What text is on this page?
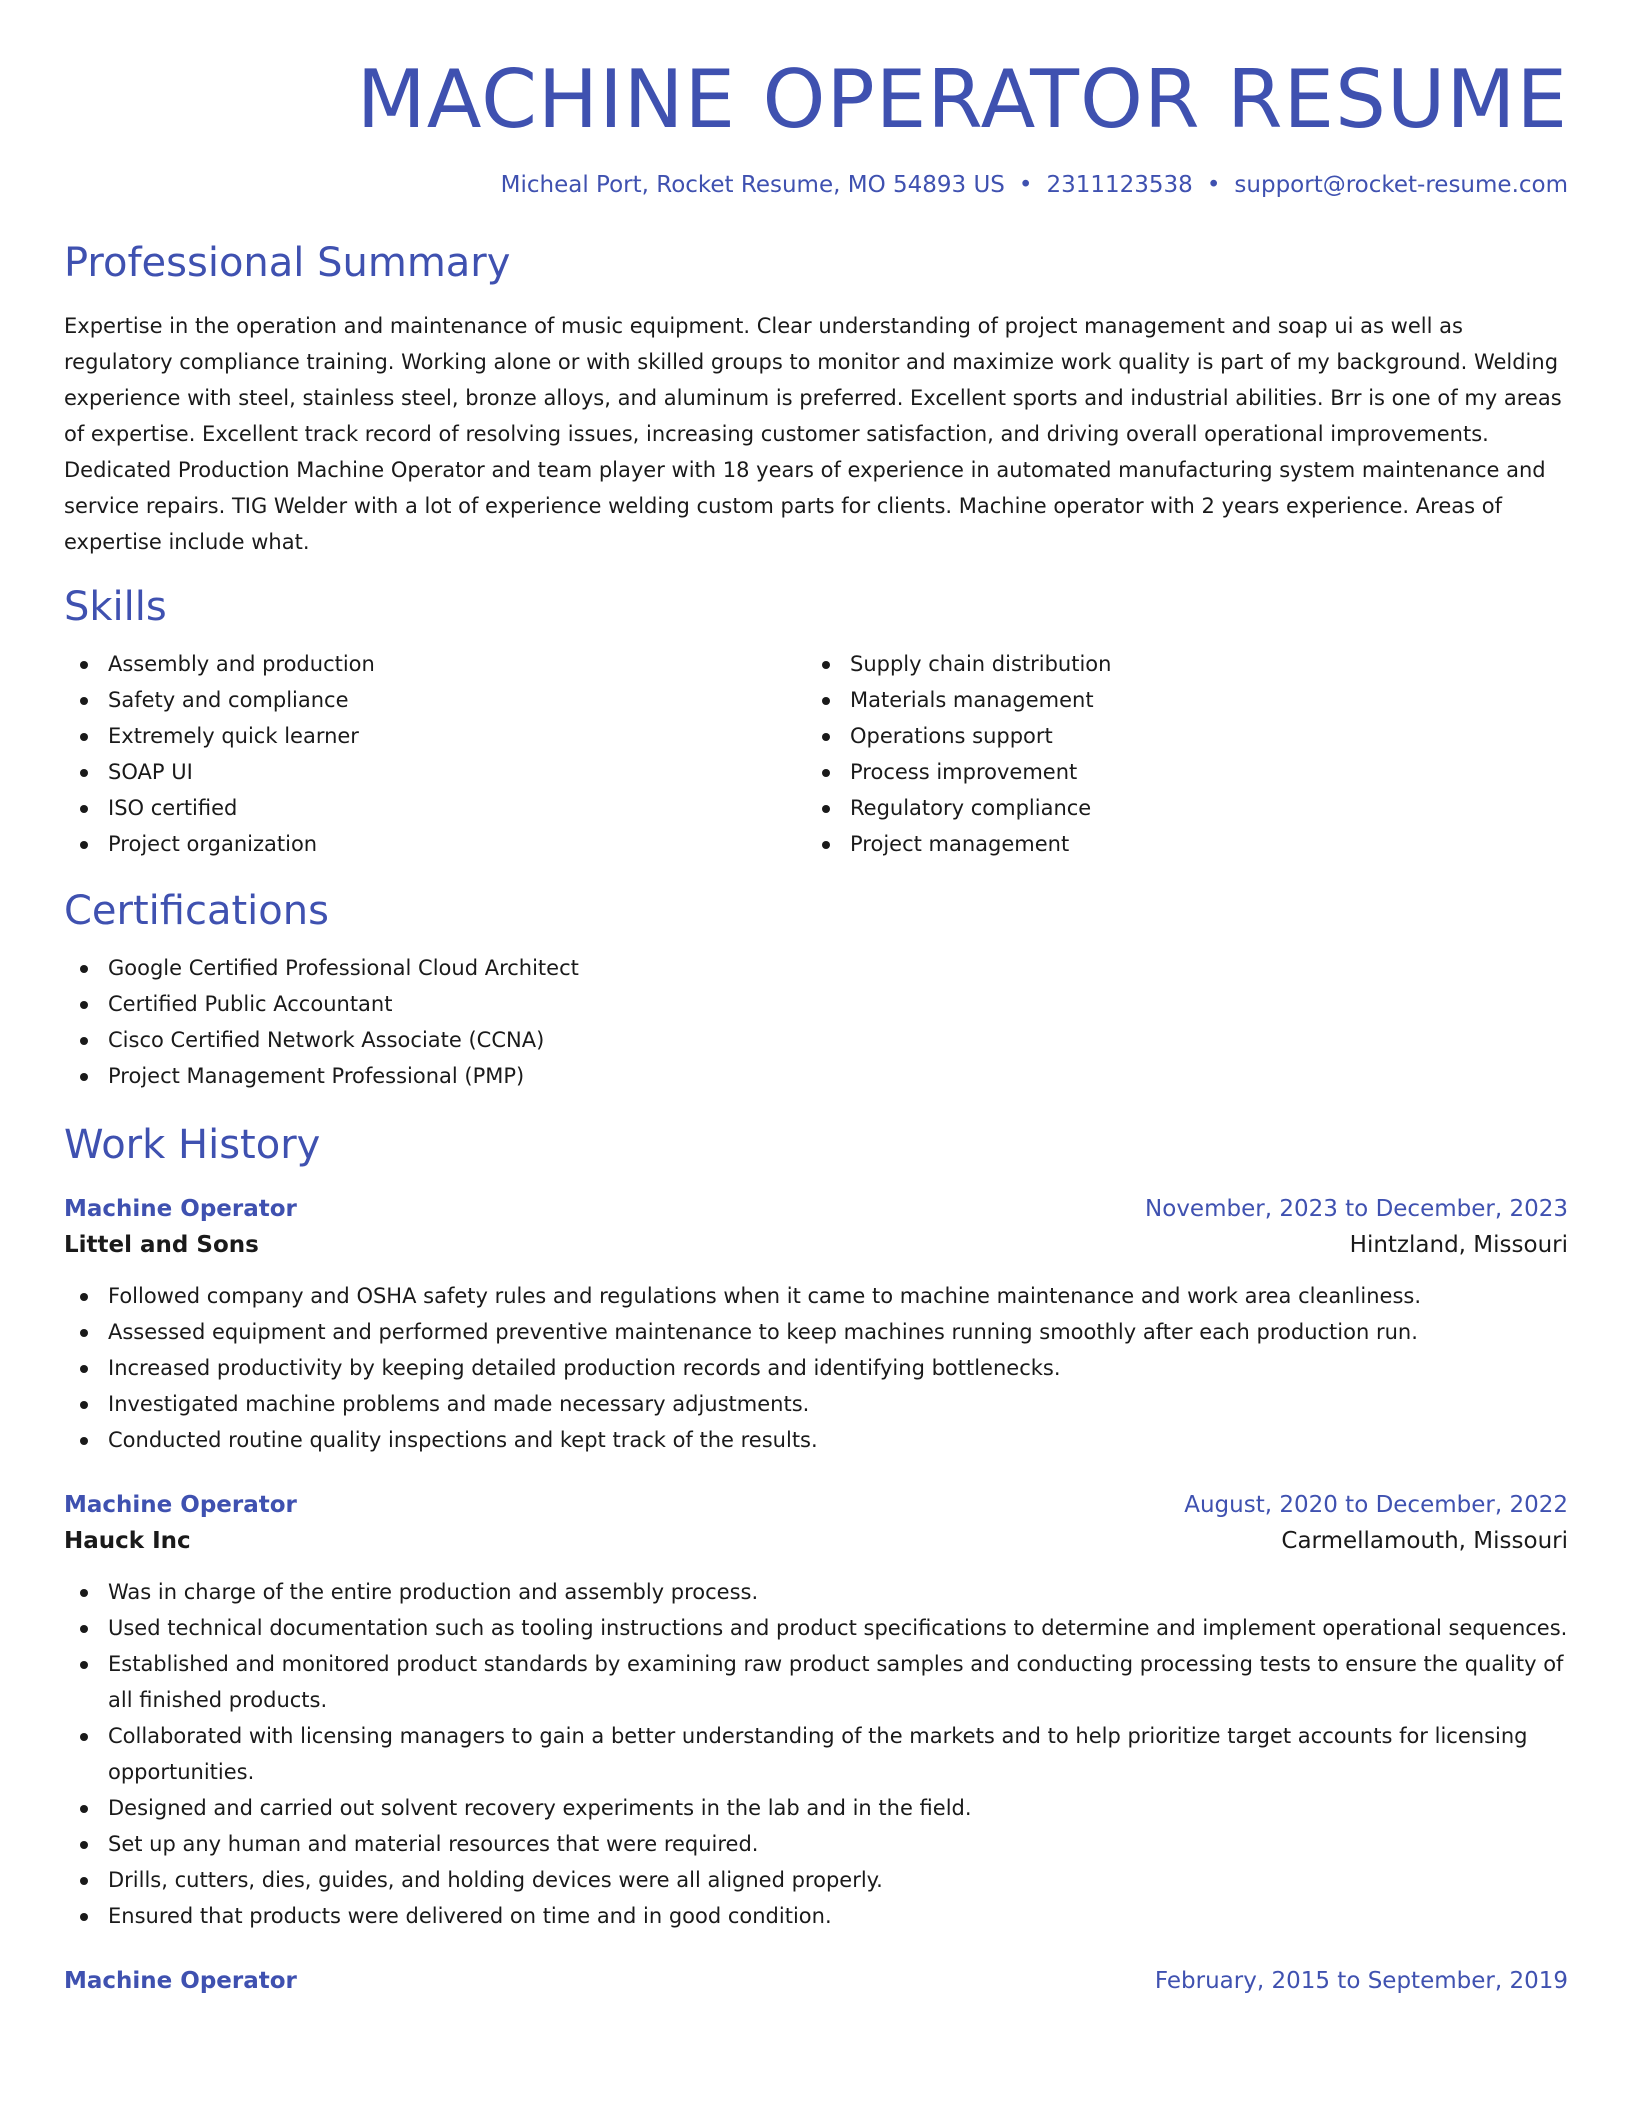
MACHINE OPERATOR RESUME
Micheal Port, Rocket Resume, MO 54893 US • 2311123538 • support@rocket-resume.com
Professional Summary

Expertise in the operation and maintenance of music equipment. Clear understanding of project management and soap ui as well as regulatory compliance training. Working alone or with skilled groups to monitor and maximize work quality is part of my background. Welding experience with steel, stainless steel, bronze alloys, and aluminum is preferred. Excellent sports and industrial abilities. Brr is one of my areas of expertise. Excellent track record of resolving issues, increasing customer satisfaction, and driving overall operational improvements. Dedicated Production Machine Operator and team player with 18 years of experience in automated manufacturing system maintenance and service repairs. TIG Welder with a lot of experience welding custom parts for clients. Machine operator with 2 years experience. Areas of expertise include what.

Skills
Assembly and production
Safety and compliance
Extremely quick learner
SOAP UI
ISO certified
Project organization
Supply chain distribution
Materials management
Operations support
Process improvement
Regulatory compliance
Project management
Certifications
Google Certified Professional Cloud Architect
Certified Public Accountant
Cisco Certified Network Associate (CCNA)
Project Management Professional (PMP)
Work History
Machine Operator	November, 2023 to December, 2023
Littel and Sons	Hintzland, Missouri
Followed company and OSHA safety rules and regulations when it came to machine maintenance and work area cleanliness.
Assessed equipment and performed preventive maintenance to keep machines running smoothly after each production run.
Increased productivity by keeping detailed production records and identifying bottlenecks.
Investigated machine problems and made necessary adjustments.
Conducted routine quality inspections and kept track of the results.
Machine Operator	August, 2020 to December, 2022
Hauck Inc	Carmellamouth, Missouri
Was in charge of the entire production and assembly process.
Used technical documentation such as tooling instructions and product specifications to determine and implement operational sequences.
Established and monitored product standards by examining raw product samples and conducting processing tests to ensure the quality of all finished products.
Collaborated with licensing managers to gain a better understanding of the markets and to help prioritize target accounts for licensing opportunities.
Designed and carried out solvent recovery experiments in the lab and in the field.
Set up any human and material resources that were required.
Drills, cutters, dies, guides, and holding devices were all aligned properly.
Ensured that products were delivered on time and in good condition.
Machine Operator	February, 2015 to September, 2019
